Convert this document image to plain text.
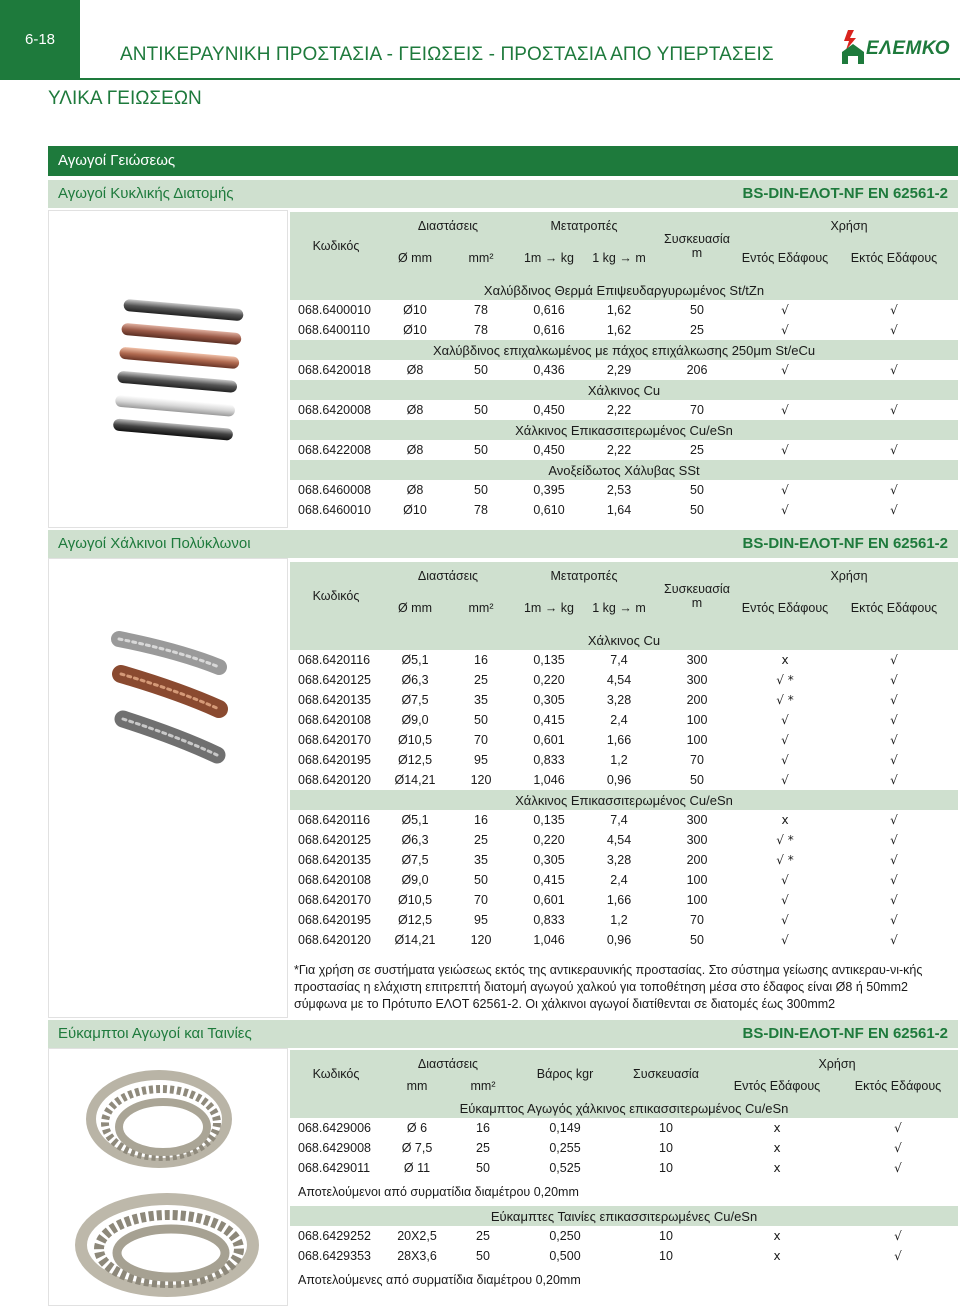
6-18
ΑΝΤΙΚΕΡΑΥΝΙΚΗ ΠΡΟΣΤΑΣΙΑ - ΓΕΙΩΣΕΙΣ - ΠΡΟΣΤΑΣΙΑ ΑΠΟ ΥΠΕΡΤΑΣΕΙΣ	ΕΛΕΜΚΟ
ΥΛΙΚΑ ΓΕΙΩΣΕΩΝ
Αγωγοί Γειώσεως
Αγωγοί Κυκλικής Διατομής	BS-DIN-ΕΛΟΤ-NF EN 62561-2
Κωδικός	Διαστάσεις		Μετατροπές		Συσκευασία
m	Χρήση	
	Ø mm	mm²	1m → kg	1 kg → m		Εντός Εδάφους	Εκτός Εδάφους
Χαλύβδινος Θερμά Επιψευδαργυρωμένος St/tZn							
068.6400010	Ø10	78	0,616	1,62	50	√	√
068.6400110	Ø10	78	0,616	1,62	25	√	√
Χαλύβδινος επιχαλκωμένος με πάχος επιχάλκωσης 250μm St/eCu							
068.6420018	Ø8	50	0,436	2,29	206	√	√
Χάλκινος Cu							
068.6420008	Ø8	50	0,450	2,22	70	√	√
Χάλκινος Επικασσιτερωμένος Cu/eSn							
068.6422008	Ø8	50	0,450	2,22	25	√	√
Ανοξείδωτος Χάλυβας SSt							
068.6460008	Ø8	50	0,395	2,53	50	√	√
068.6460010	Ø10	78	0,610	1,64	50	√	√
Αγωγοί Χάλκινοι Πολύκλωνοι	BS-DIN-ΕΛΟΤ-NF EN 62561-2
Κωδικός	Διαστάσεις		Μετατροπές		Συσκευασία
m	Χρήση	
	Ø mm	mm²	1m → kg	1 kg → m		Εντός Εδάφους	Εκτός Εδάφους
Χάλκινος Cu							
068.6420116	Ø5,1	16	0,135	7,4	300	x	√
068.6420125	Ø6,3	25	0,220	4,54	300	√ *	√
068.6420135	Ø7,5	35	0,305	3,28	200	√ *	√
068.6420108	Ø9,0	50	0,415	2,4	100	√	√
068.6420170	Ø10,5	70	0,601	1,66	100	√	√
068.6420195	Ø12,5	95	0,833	1,2	70	√	√
068.6420120	Ø14,21	120	1,046	0,96	50	√	√
Χάλκινος Επικασσιτερωμένος Cu/eSn							
068.6420116	Ø5,1	16	0,135	7,4	300	x	√
068.6420125	Ø6,3	25	0,220	4,54	300	√ *	√
068.6420135	Ø7,5	35	0,305	3,28	200	√ *	√
068.6420108	Ø9,0	50	0,415	2,4	100	√	√
068.6420170	Ø10,5	70	0,601	1,66	100	√	√
068.6420195	Ø12,5	95	0,833	1,2	70	√	√
068.6420120	Ø14,21	120	1,046	0,96	50	√	√
*Για χρήση σε συστήματα γειώσεως εκτός της αντικεραυνικής προστασίας. Στο σύστημα γείωσης αντικεραυ-νι-κής προστασίας η ελάχιστη επιτρεπτή διατομή αγωγού χαλκού για τοποθέτηση μέσα στο έδαφος είναι Ø8 ή 50mm2 σύμφωνα με το Πρότυπο ΕΛΟΤ 62561-2. Οι χάλκινοι αγωγοί διατίθενται σε διατομές έως 300mm2
Εύκαμπτοι Αγωγοί και Ταινίες	BS-DIN-ΕΛΟΤ-NF EN 62561-2
Κωδικός	Διαστάσεις		Βάρος kgr	Συσκευασία	Χρήση	
	mm	mm²			Εντός Εδάφους	Εκτός Εδάφους
Εύκαμπτος Αγωγός χάλκινος επικασσιτερωμένος Cu/eSn						
068.6429006	Ø 6	16	0,149	10	x	√
068.6429008	Ø 7,5	25	0,255	10	x	√
068.6429011	Ø 11	50	0,525	10	x	√
Αποτελούμενοι από συρματίδια διαμέτρου 0,20mm						
Εύκαμπτες Ταινίες επικασσιτερωμένες Cu/eSn						
068.6429252	20X2,5	25	0,250	10	x	√
068.6429353	28X3,6	50	0,500	10	x	√
Αποτελούμενες από συρματίδια διαμέτρου 0,20mm						
